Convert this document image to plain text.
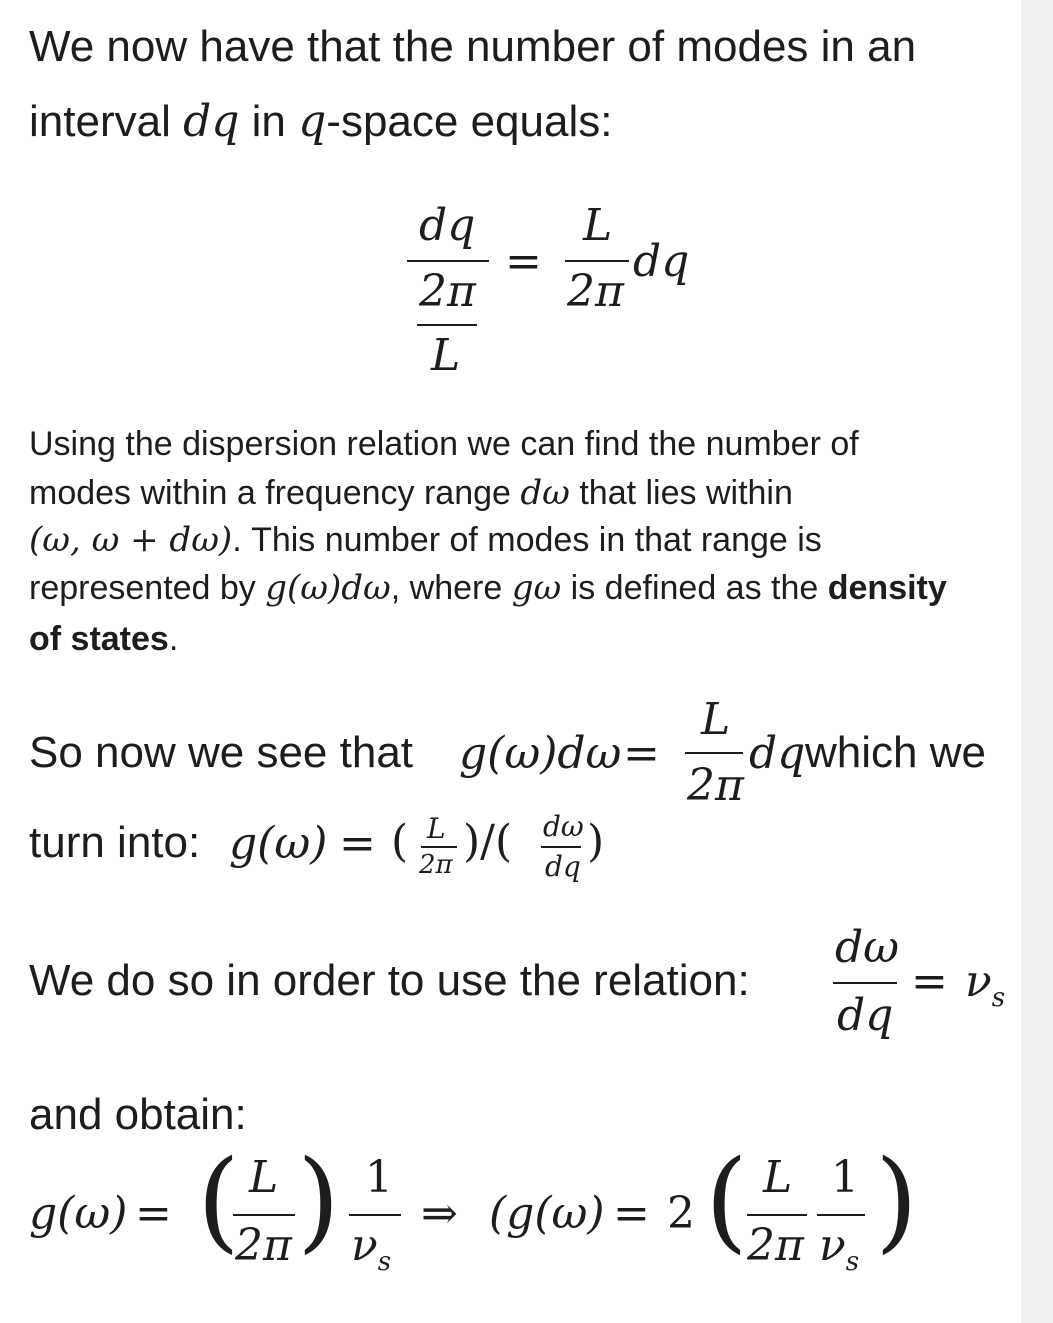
We now have that the number of modes in an
interval dq in q-space equals:
dq
2π
L
=
L
2π
dq
Using the dispersion relation we can find the number of
modes within a frequency range dω that lies within
(ω, ω + dω). This number of modes in that range is
represented by g(ω)dω, where gω is defined as the density
of states.
So now we see that g(ω)dω =
L
2π
dq which we
turn into: g(ω) = ( L
2π )/( dω
dq )
We do so in order to use the relation:
dω
dq
= $\nu_s$
and obtain:
g(ω) = ( L
2π ) 1
$\nu_s$
⇒ (g(ω) = 2 ( L
2π
1
$\nu_s$ )
